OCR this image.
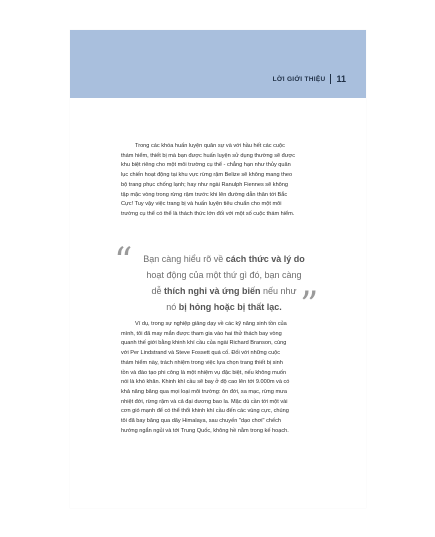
LỜI GIỚI THIỆU 11
Trong các khóa huấn luyện quân sự và với hầu hết các cuộc
thám hiểm, thiết bị mà bạn được huấn luyện sử dụng thường sẽ được
khu biệt riêng cho một môi trường cụ thể - chẳng hạn như thủy quân
lục chiến hoạt động tại khu vực rừng rậm Belize sẽ không mang theo
bộ trang phục chống lạnh; hay như ngài Ranulph Fiennes sẽ không
tập mặc vòng trong rừng rậm trước khi lên đường dẫn thân tới Bắc
Cực! Tuy vậy việc trang bị và huấn luyện tiêu chuẩn cho một môi
trường cụ thể có thể là thách thức lớn đối với một số cuộc thám hiểm.
“	Bạn càng hiểu rõ về cách thức và lý do
hoạt động của một thứ gì đó, bạn càng
dễ thích nghi và ứng biến nếu như
nó bị hỏng hoặc bị thất lạc. ”
Ví dụ, trong sự nghiệp giảng dạy về các kỹ năng sinh tồn của
mình, tôi đã may mắn được tham gia vào hai thử thách bay vòng
quanh thế giới bằng khinh khí cầu của ngài Richard Branson, cùng
với Per Lindstrand và Steve Fossett quá cố. Đối với những cuộc
thám hiểm này, trách nhiệm trong việc lựa chọn trang thiết bị sinh
tồn và đào tạo phi công là một nhiệm vụ đặc biệt, nếu không muốn
nói là khó khăn. Khinh khí cầu sẽ bay ở độ cao lên tới 9.000m và có
khả năng băng qua mọi loại môi trường: ôn đới, sa mạc, rừng mưa
nhiệt đới, rừng rậm và cả đại dương bao la. Mặc dù cần tới một vài
cơn gió mạnh để có thể thổi khinh khí cầu đến các vùng cực, chúng
tôi đã bay băng qua dãy Himalaya, sau chuyến "dạo chơi" chếch
hướng ngắn ngủi và tới Trung Quốc, không hề nằm trong kế hoạch.
